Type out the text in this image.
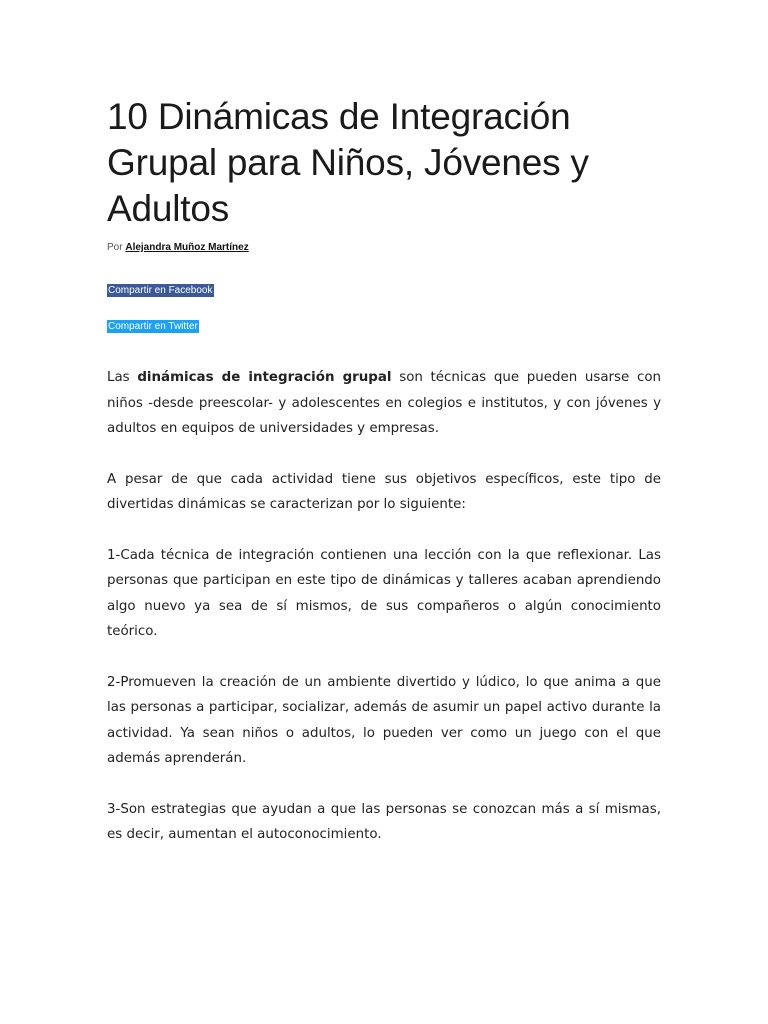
10 Dinámicas de Integración Grupal para Niños, Jóvenes y Adultos
Por Alejandra Muñoz Martínez
Compartir en Facebook
Compartir en Twitter

Las dinámicas de integración grupal son técnicas que pueden usarse con niños -desde preescolar- y adolescentes en colegios e institutos, y con jóvenes y adultos en equipos de universidades y empresas.

A pesar de que cada actividad tiene sus objetivos específicos, este tipo de divertidas dinámicas se caracterizan por lo siguiente:

1-Cada técnica de integración contienen una lección con la que reflexionar. Las personas que participan en este tipo de dinámicas y talleres acaban aprendiendo algo nuevo ya sea de sí mismos, de sus compañeros o algún conocimiento teórico.

2-Promueven la creación de un ambiente divertido y lúdico, lo que anima a que las personas a participar, socializar, además de asumir un papel activo durante la actividad. Ya sean niños o adultos, lo pueden ver como un juego con el que además aprenderán.

3-Son estrategias que ayudan a que las personas se conozcan más a sí mismas, es decir, aumentan el autoconocimiento.
